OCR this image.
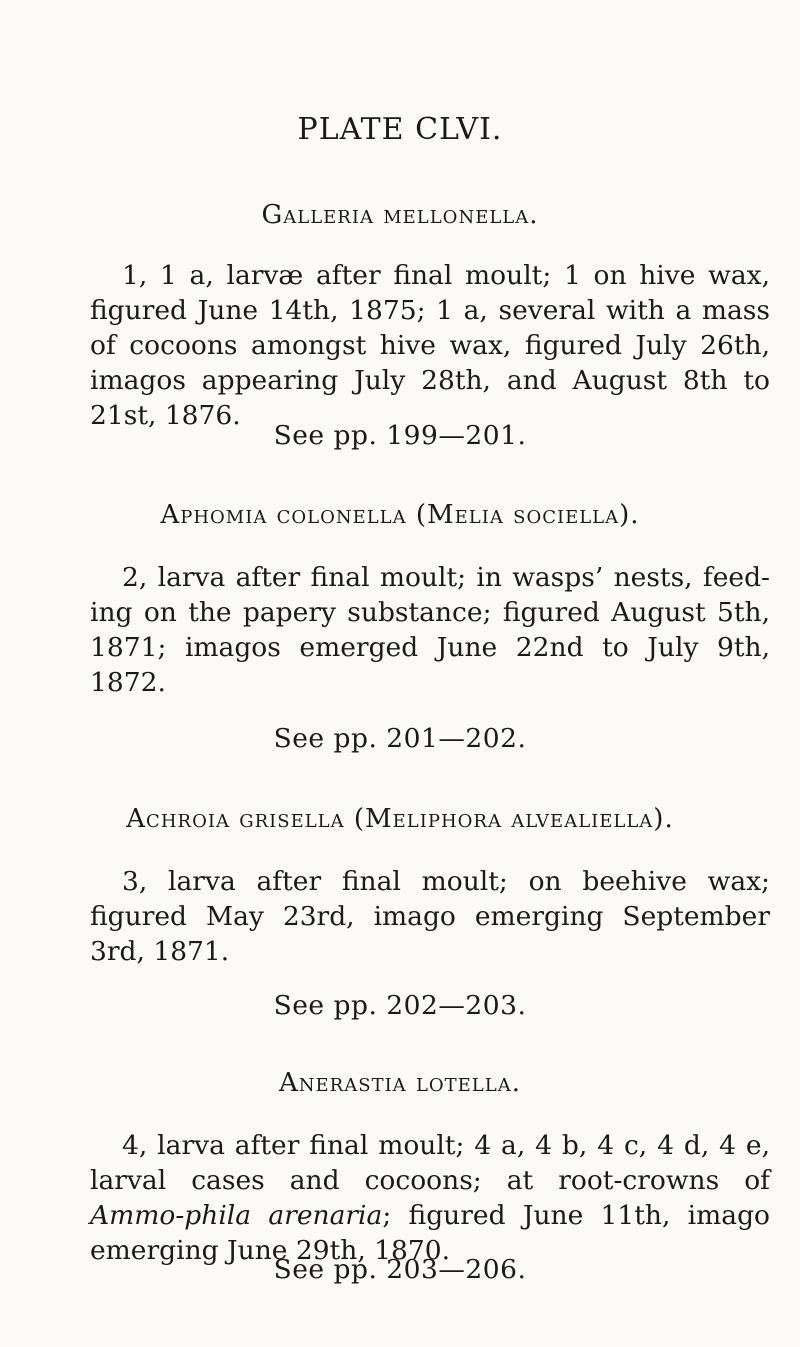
PLATE CLVI.
Galleria mellonella.
1, 1 a, larvæ after final moult; 1 on hive wax, figured June 14th, 1875; 1 a, several with a mass of cocoons amongst hive wax, figured July 26th, imagos appearing July 28th, and August 8th to 21st, 1876.
See pp. 199—201.
Aphomia colonella (Melia sociella).
2, larva after final moult; in wasps’ nests, feed-ing on the papery substance; figured August 5th, 1871; imagos emerged June 22nd to July 9th, 1872.
See pp. 201—202.
Achroia grisella (Meliphora alvealiella).
3, larva after final moult; on beehive wax; figured May 23rd, imago emerging September 3rd, 1871.
See pp. 202—203.
Anerastia lotella.
4, larva after final moult; 4 a, 4 b, 4 c, 4 d, 4 e, larval cases and cocoons; at root-crowns of Ammo-phila arenaria; figured June 11th, imago emerging June 29th, 1870.
See pp. 203—206.
